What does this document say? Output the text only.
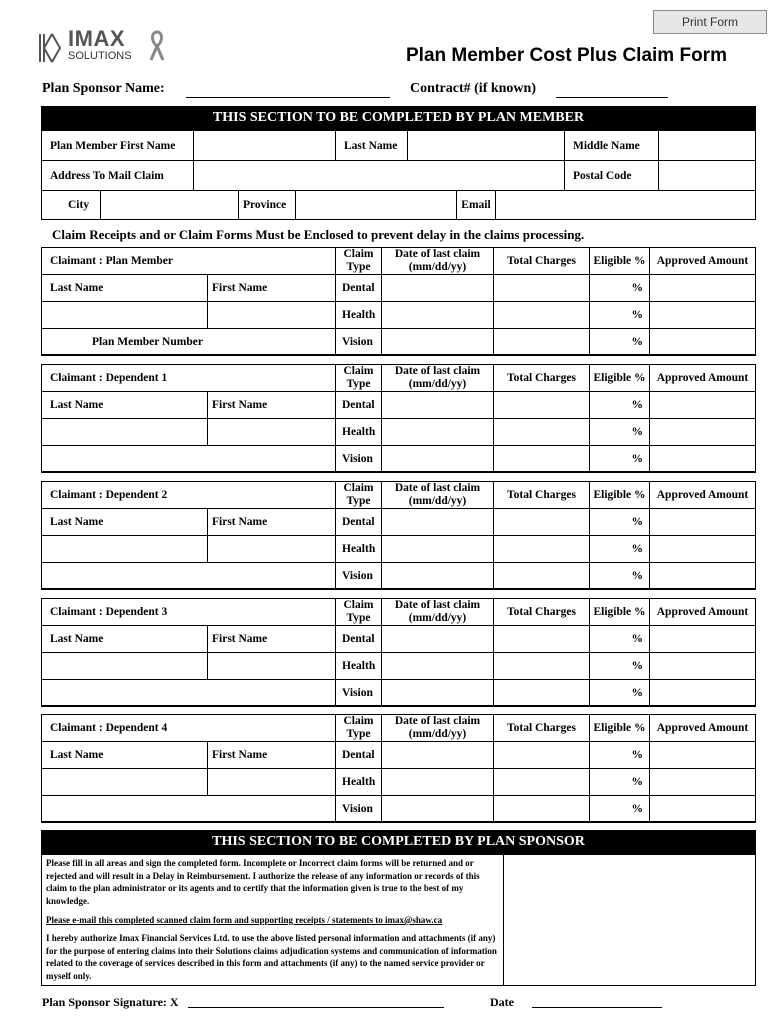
Print Form
IMAX
SOLUTIONS	Plan Member Cost Plus Claim Form
Plan Sponsor Name:	Contract# (if known)
THIS SECTION TO BE COMPLETED BY PLAN MEMBER
Plan Member First Name	Last Name	Middle Name
Address To Mail Claim	Postal Code
City	Province	Email
Claim Receipts and or Claim Forms Must be Enclosed to prevent delay in the claims processing.
Claimant : Plan Member
Claim
Type
Date of last claim
(mm/dd/yy)	Total Charges	Eligible % Approved Amount
Last Name	First Name	Dental	%
Health	%
Plan Member Number	Vision	%
Claimant : Dependent 1
Claim
Type
Date of last claim
(mm/dd/yy)	Total Charges	Eligible % Approved Amount
Last Name	First Name	Dental	%
Health	%
Vision	%
Claimant : Dependent 2
Claim
Type
Date of last claim
(mm/dd/yy)	Total Charges	Eligible % Approved Amount
Last Name	First Name	Dental	%
Health	%
Vision	%
Claimant : Dependent 3
Claim
Type
Date of last claim
(mm/dd/yy)	Total Charges	Eligible % Approved Amount
Last Name	First Name	Dental	%
Health	%
Vision	%
Claimant : Dependent 4
Claim
Type
Date of last claim
(mm/dd/yy)	Total Charges	Eligible % Approved Amount
Last Name	First Name	Dental	%
Health	%
Vision	%
THIS SECTION TO BE COMPLETED BY PLAN SPONSOR
Please fill in all areas and sign the completed form. Incomplete or Incorrect claim forms will be returned and or rejected and will result in a Delay in Reimbursement. I authorize the release of any information or records of this claim to the plan administrator or its agents and to certify that the information given is true to the best of my knowledge.
Please e-mail this completed scanned claim form and supporting receipts / statements to imax@shaw.ca
I hereby authorize Imax Financial Services Ltd. to use the above listed personal information and attachments (if any) for the purpose of entering claims into their Solutions claims adjudication systems and communication of information related to the coverage of services described in this form and attachments (if any) to the named service provider or myself only.
Plan Sponsor Signature: X	Date
